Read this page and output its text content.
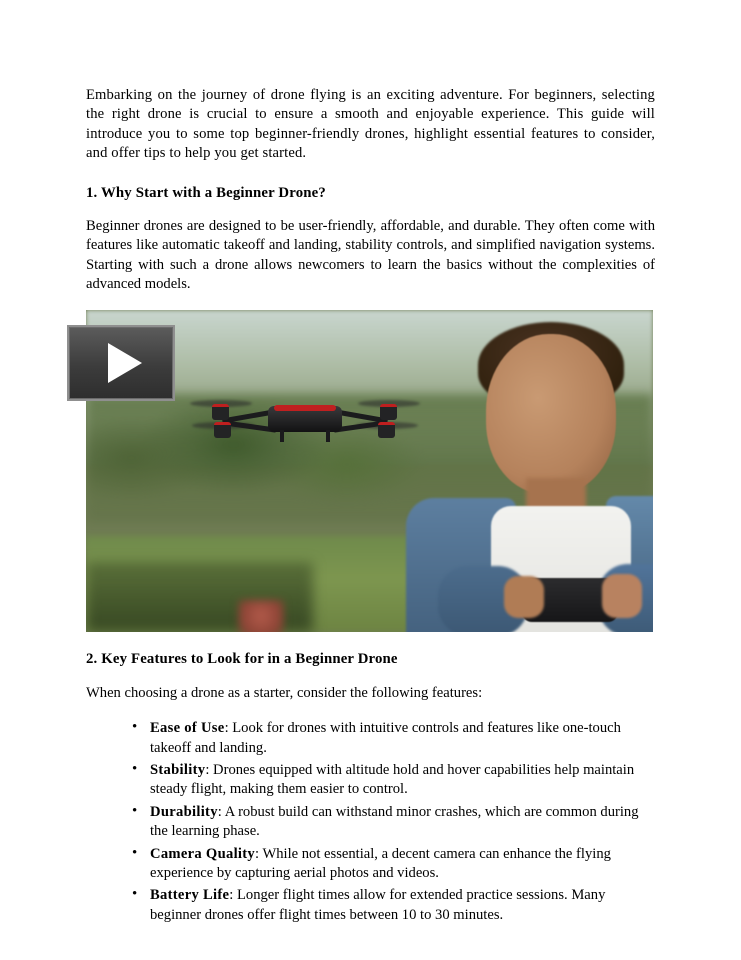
Embarking on the journey of drone flying is an exciting adventure. For beginners, selecting the right drone is crucial to ensure a smooth and enjoyable experience. This guide will introduce you to some top beginner-friendly drones, highlight essential features to consider, and offer tips to help you get started.

1. Why Start with a Beginner Drone?

Beginner drones are designed to be user-friendly, affordable, and durable. They often come with features like automatic takeoff and landing, stability controls, and simplified navigation systems. Starting with such a drone allows newcomers to learn the basics without the complexities of advanced models.

2. Key Features to Look for in a Beginner Drone

When choosing a drone as a starter, consider the following features:

• Ease of Use: Look for drones with intuitive controls and features like one-touch takeoff and landing.
• Stability: Drones equipped with altitude hold and hover capabilities help maintain steady flight, making them easier to control.
• Durability: A robust build can withstand minor crashes, which are common during the learning phase.
• Camera Quality: While not essential, a decent camera can enhance the flying experience by capturing aerial photos and videos.
• Battery Life: Longer flight times allow for extended practice sessions. Many beginner drones offer flight times between 10 to 30 minutes.
